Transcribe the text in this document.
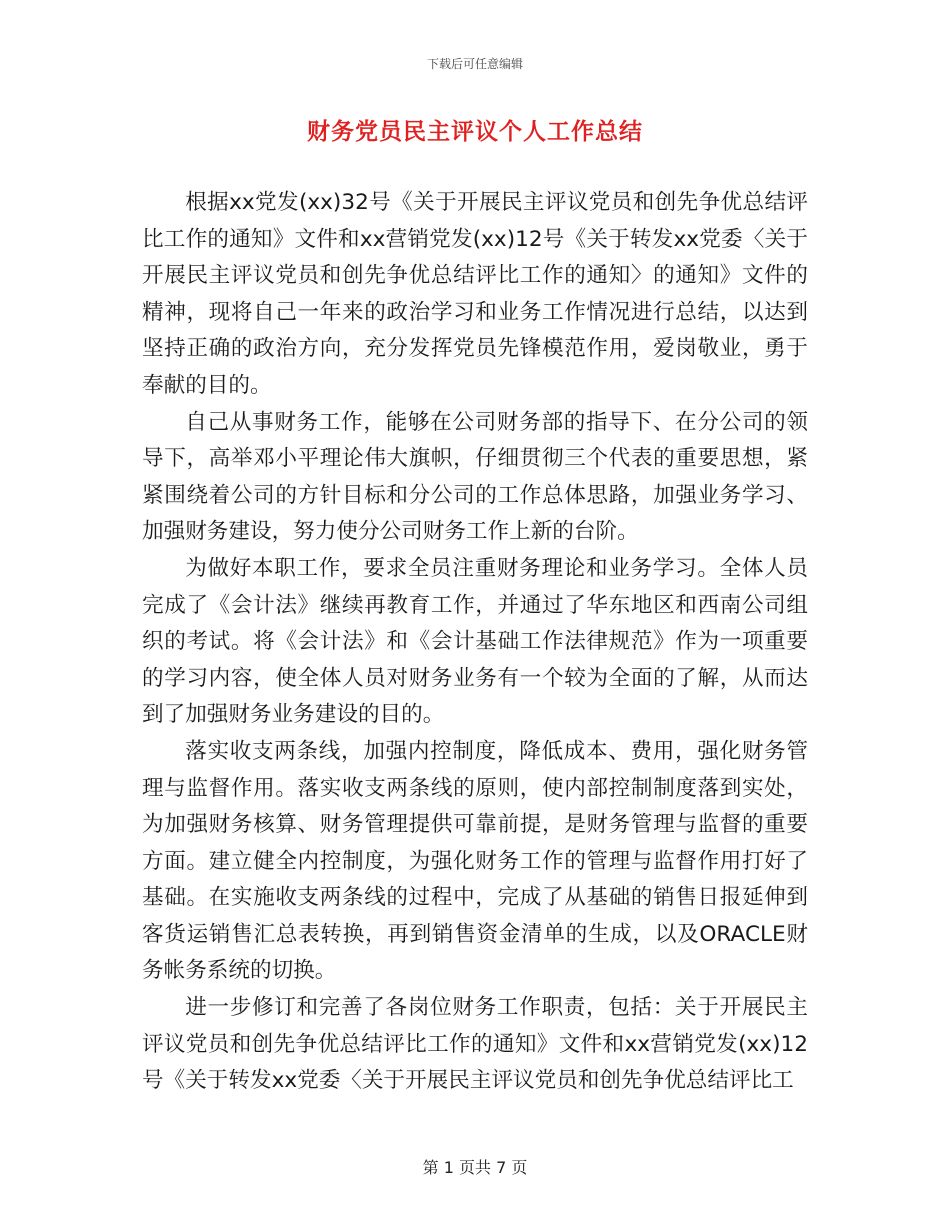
下载后可任意编辑
财务党员民主评议个人工作总结

根据xx党发(xx)32号《关于开展民主评议党员和创先争优总结评比工作的通知》文件和xx营销党发(xx)12号《关于转发xx党委〈关于开展民主评议党员和创先争优总结评比工作的通知〉的通知》文件的精神，现将自己一年来的政治学习和业务工作情况进行总结，以达到坚持正确的政治方向，充分发挥党员先锋模范作用，爱岗敬业，勇于奉献的目的。

自己从事财务工作，能够在公司财务部的指导下、在分公司的领导下，高举邓小平理论伟大旗帜，仔细贯彻三个代表的重要思想，紧紧围绕着公司的方针目标和分公司的工作总体思路，加强业务学习、加强财务建设，努力使分公司财务工作上新的台阶。

为做好本职工作，要求全员注重财务理论和业务学习。全体人员完成了《会计法》继续再教育工作，并通过了华东地区和西南公司组织的考试。将《会计法》和《会计基础工作法律规范》作为一项重要的学习内容，使全体人员对财务业务有一个较为全面的了解，从而达到了加强财务业务建设的目的。

落实收支两条线，加强内控制度，降低成本、费用，强化财务管理与监督作用。落实收支两条线的原则，使内部控制制度落到实处，为加强财务核算、财务管理提供可靠前提，是财务管理与监督的重要方面。建立健全内控制度，为强化财务工作的管理与监督作用打好了基础。在实施收支两条线的过程中，完成了从基础的销售日报延伸到客货运销售汇总表转换，再到销售资金清单的生成，以及ORACLE财务帐务系统的切换。

进一步修订和完善了各岗位财务工作职责，包括：关于开展民主评议党员和创先争优总结评比工作的通知》文件和xx营销党发(xx)12号《关于转发xx党委〈关于开展民主评议党员和创先争优总结评比工

第 1 页共 7 页
